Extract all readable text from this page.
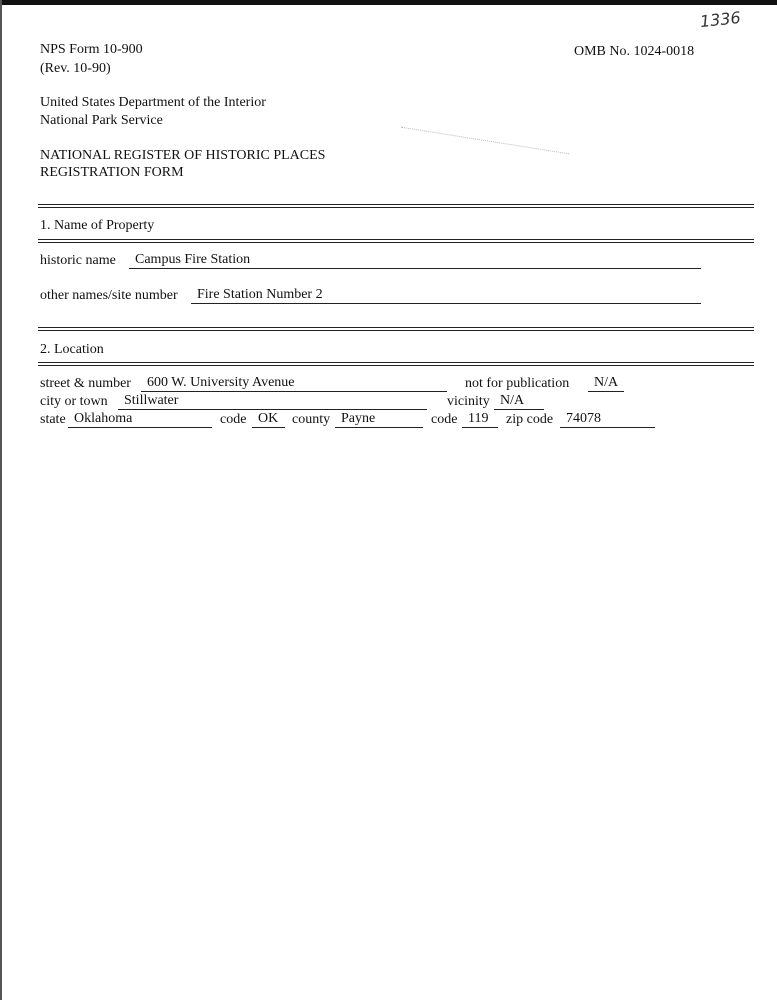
1336
NPS Form 10-900
(Rev. 10-90)
OMB No. 1024-0018
United States Department of the Interior
National Park Service
NATIONAL REGISTER OF HISTORIC PLACES
REGISTRATION FORM
1. Name of Property
historic name	Campus Fire Station
other names/site number	Fire Station Number 2
2. Location
street & number	600 W. University Avenue	not for publication	N/A
city or town	Stillwater	vicinity N/A
state Oklahoma	code OK county Payne	code 119	zip code 74078
